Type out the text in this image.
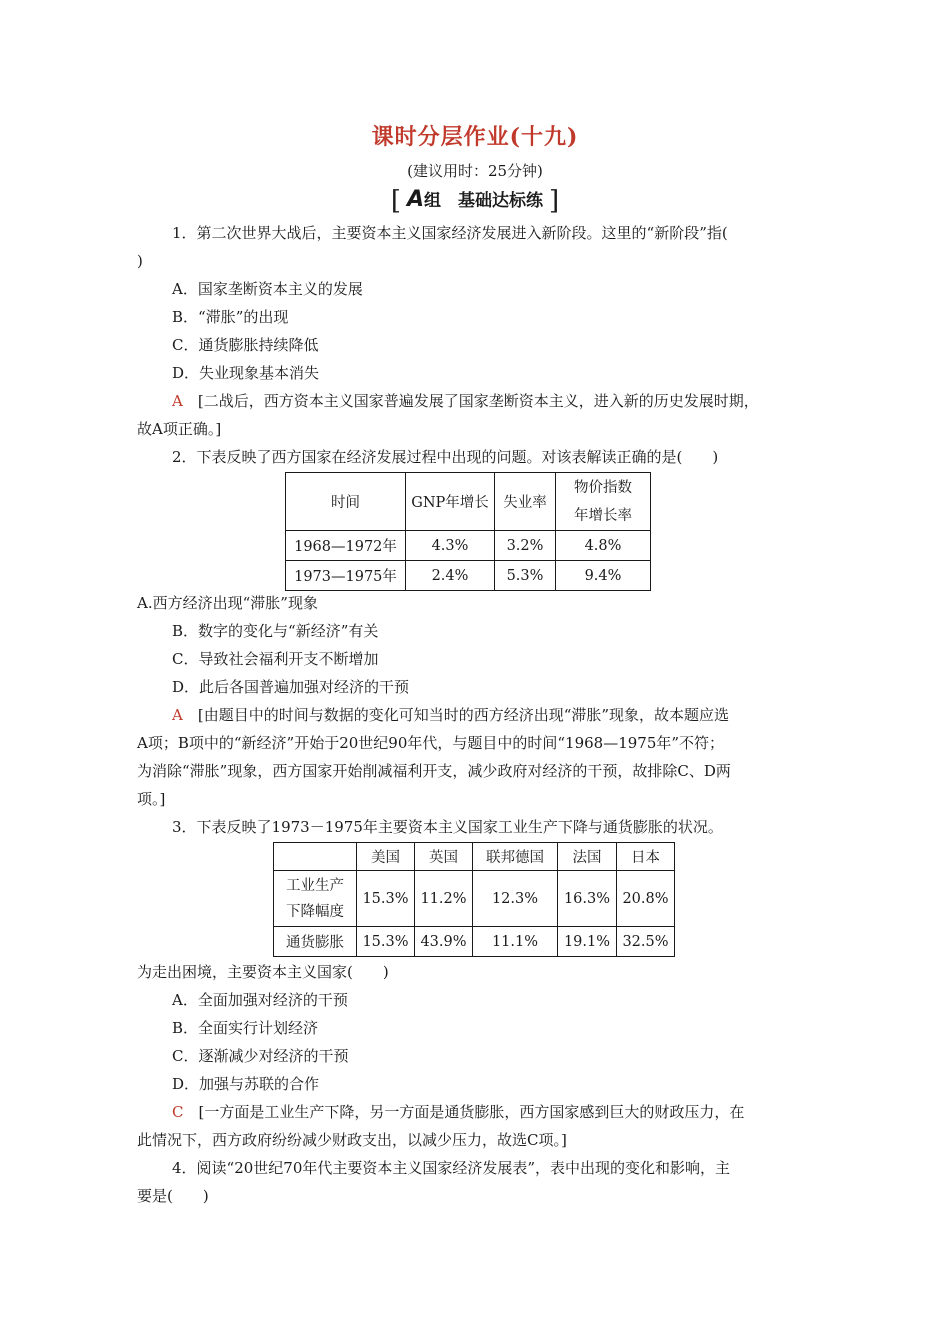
课时分层作业(十九)
(建议用时：25分钟)
[ A组　基础达标练 ]
1．第二次世界大战后，主要资本主义国家经济发展进入新阶段。这里的“新阶段”指(
)
A．国家垄断资本主义的发展
B．“滞胀”的出现
C．通货膨胀持续降低
D．失业现象基本消失
A　 [二战后，西方资本主义国家普遍发展了国家垄断资本主义，进入新的历史发展时期，
故A项正确。]
2．下表反映了西方国家在经济发展过程中出现的问题。对该表解读正确的是(　　)
时间	GNP年增长	失业率	物价指数
年增长率
1968—1972年	4.3%	3.2%	4.8%
1973—1975年	2.4%	5.3%	9.4%
A.西方经济出现“滞胀”现象
B．数字的变化与“新经济”有关
C．导致社会福利开支不断增加
D．此后各国普遍加强对经济的干预
A　 [由题目中的时间与数据的变化可知当时的西方经济出现“滞胀”现象，故本题应选
A项；B项中的“新经济”开始于20世纪90年代，与题目中的时间“1968—1975年”不符；
为消除“滞胀”现象，西方国家开始削减福利开支，减少政府对经济的干预，故排除C、D两
项。]
3．下表反映了1973－1975年主要资本主义国家工业生产下降与通货膨胀的状况。
	美国	英国	联邦德国	法国	日本
工业生产
下降幅度	15.3%	11.2%	12.3%	16.3%	20.8%
通货膨胀	15.3%	43.9%	11.1%	19.1%	32.5%
为走出困境，主要资本主义国家(　　)
A．全面加强对经济的干预
B．全面实行计划经济
C．逐渐减少对经济的干预
D．加强与苏联的合作
C　 [一方面是工业生产下降，另一方面是通货膨胀，西方国家感到巨大的财政压力，在
此情况下，西方政府纷纷减少财政支出，以减少压力，故选C项。]
4．阅读“20世纪70年代主要资本主义国家经济发展表”，表中出现的变化和影响，主
要是(　　)
